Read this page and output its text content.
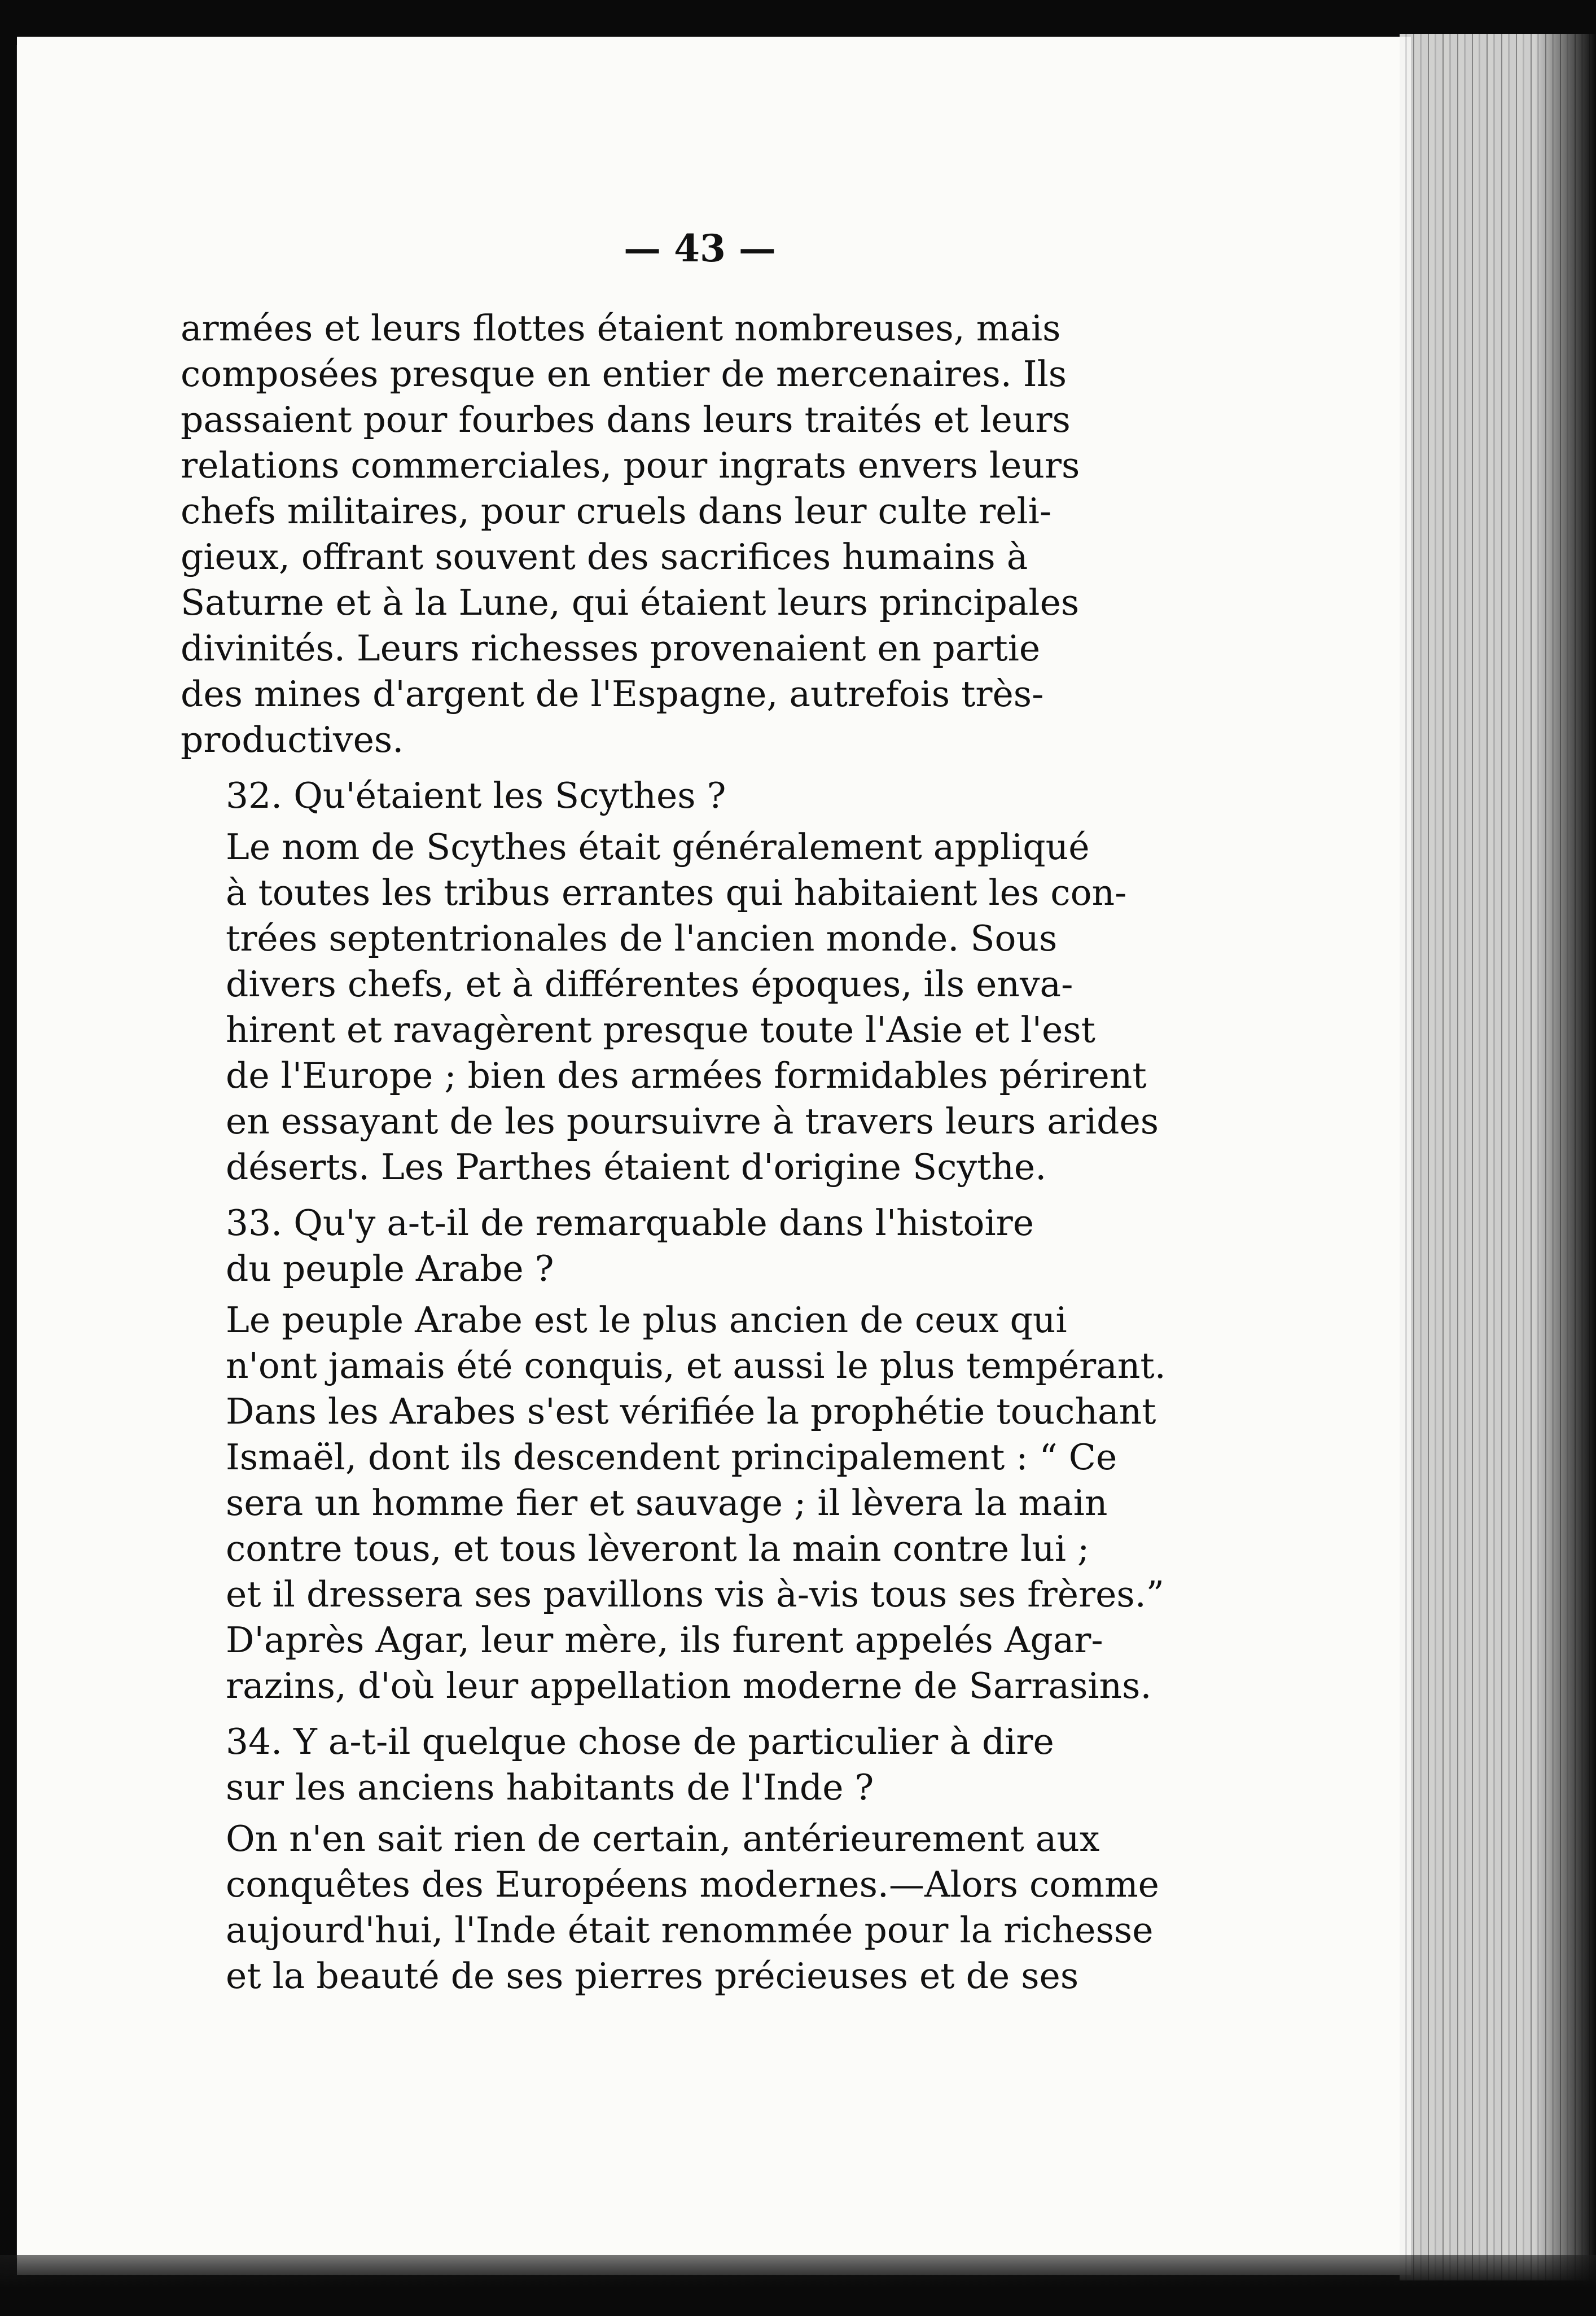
— 43 —

armées et leurs flottes étaient nombreuses, mais
composées presque en entier de mercenaires. Ils
passaient pour fourbes dans leurs traités et leurs
relations commerciales, pour ingrats envers leurs
chefs militaires, pour cruels dans leur culte reli-
gieux, offrant souvent des sacrifices humains à
Saturne et à la Lune, qui étaient leurs principales
divinités. Leurs richesses provenaient en partie
des mines d'argent de l'Espagne, autrefois très-
productives.

32. Qu'étaient les Scythes ?

Le nom de Scythes était généralement appliqué
à toutes les tribus errantes qui habitaient les con-
trées septentrionales de l'ancien monde. Sous
divers chefs, et à différentes époques, ils enva-
hirent et ravagèrent presque toute l'Asie et l'est
de l'Europe ; bien des armées formidables périrent
en essayant de les poursuivre à travers leurs arides
déserts. Les Parthes étaient d'origine Scythe.

33. Qu'y a-t-il de remarquable dans l'histoire
du peuple Arabe ?

Le peuple Arabe est le plus ancien de ceux qui
n'ont jamais été conquis, et aussi le plus tempérant.
Dans les Arabes s'est vérifiée la prophétie touchant
Ismaël, dont ils descendent principalement : “ Ce
sera un homme fier et sauvage ; il lèvera la main
contre tous, et tous lèveront la main contre lui ;
et il dressera ses pavillons vis à-vis tous ses frères.”
D'après Agar, leur mère, ils furent appelés Agar-
razins, d'où leur appellation moderne de Sarrasins.

34. Y a-t-il quelque chose de particulier à dire
sur les anciens habitants de l'Inde ?

On n'en sait rien de certain, antérieurement aux
conquêtes des Européens modernes.—Alors comme
aujourd'hui, l'Inde était renommée pour la richesse
et la beauté de ses pierres précieuses et de ses
